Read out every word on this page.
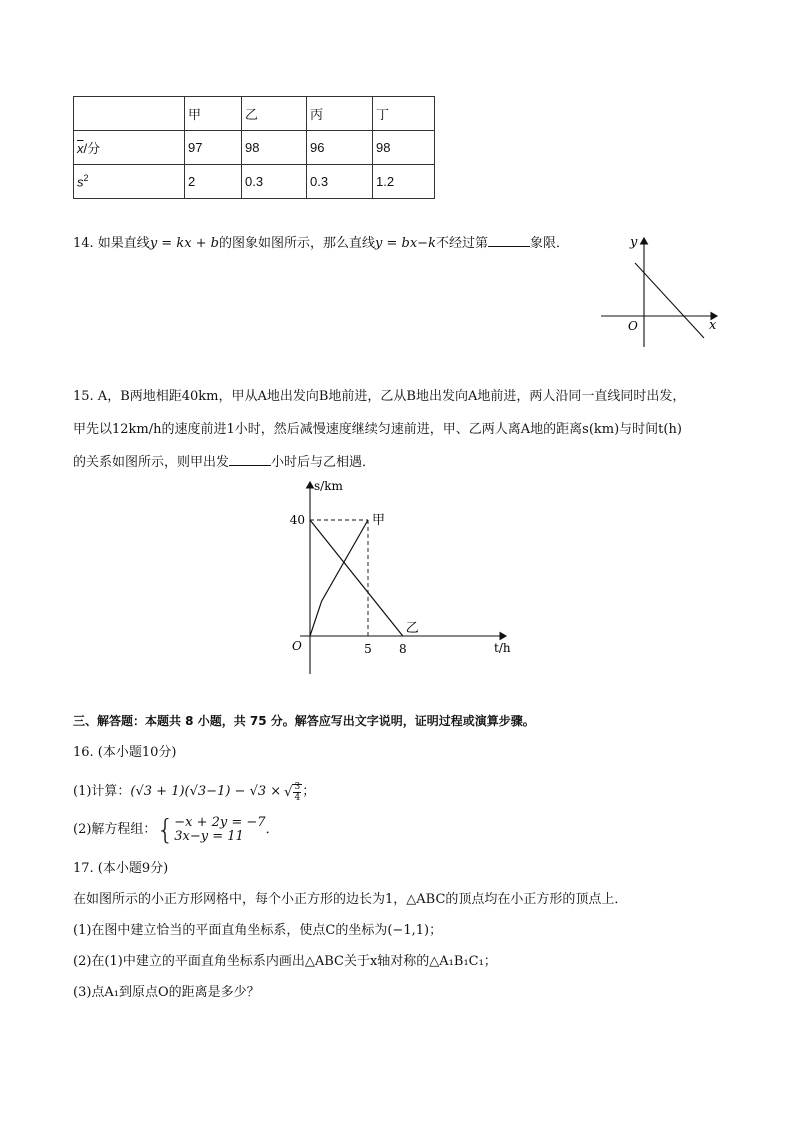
	甲	乙	丙	丁
$\overline{x}/$分	97	98	96	98
$s^2$	2	0.3	0.3	1.2
14. 如果直线y = kx + b的图象如图所示，那么直线y = bx−k不经过第	象限．	y
x
O
15. A，B两地相距40km，甲从A地出发向B地前进，乙从B地出发向A地前进，两人沿同一直线同时出发，
甲先以12km/h的速度前进1小时，然后减慢速度继续匀速前进，甲、乙两人离A地的距离s(km)与时间t(h)
的关系如图所示，则甲出发	小时后与乙相遇．
s/km
t/h
O
40
5 8
甲
乙
三、解答题：本题共 8 小题，共 75 分。解答应写出文字说明，证明过程或演算步骤。
16. (本小题10分)
(1)计算： (√3 + 1)(√3−1) − √3 × √ $\frac{3}{4}$ ；
(2)解方程组： { −x + 2y = −7
3x−y = 11	．
17. (本小题9分)
在如图所示的小正方形网格中，每个小正方形的边长为1，△ABC的顶点均在小正方形的顶点上．
(1)在图中建立恰当的平面直角坐标系，使点C的坐标为(−1,1)；
(2)在(1)中建立的平面直角坐标系内画出△ABC关于x轴对称的△A₁B₁C₁；
(3)点A₁到原点O的距离是多少？
